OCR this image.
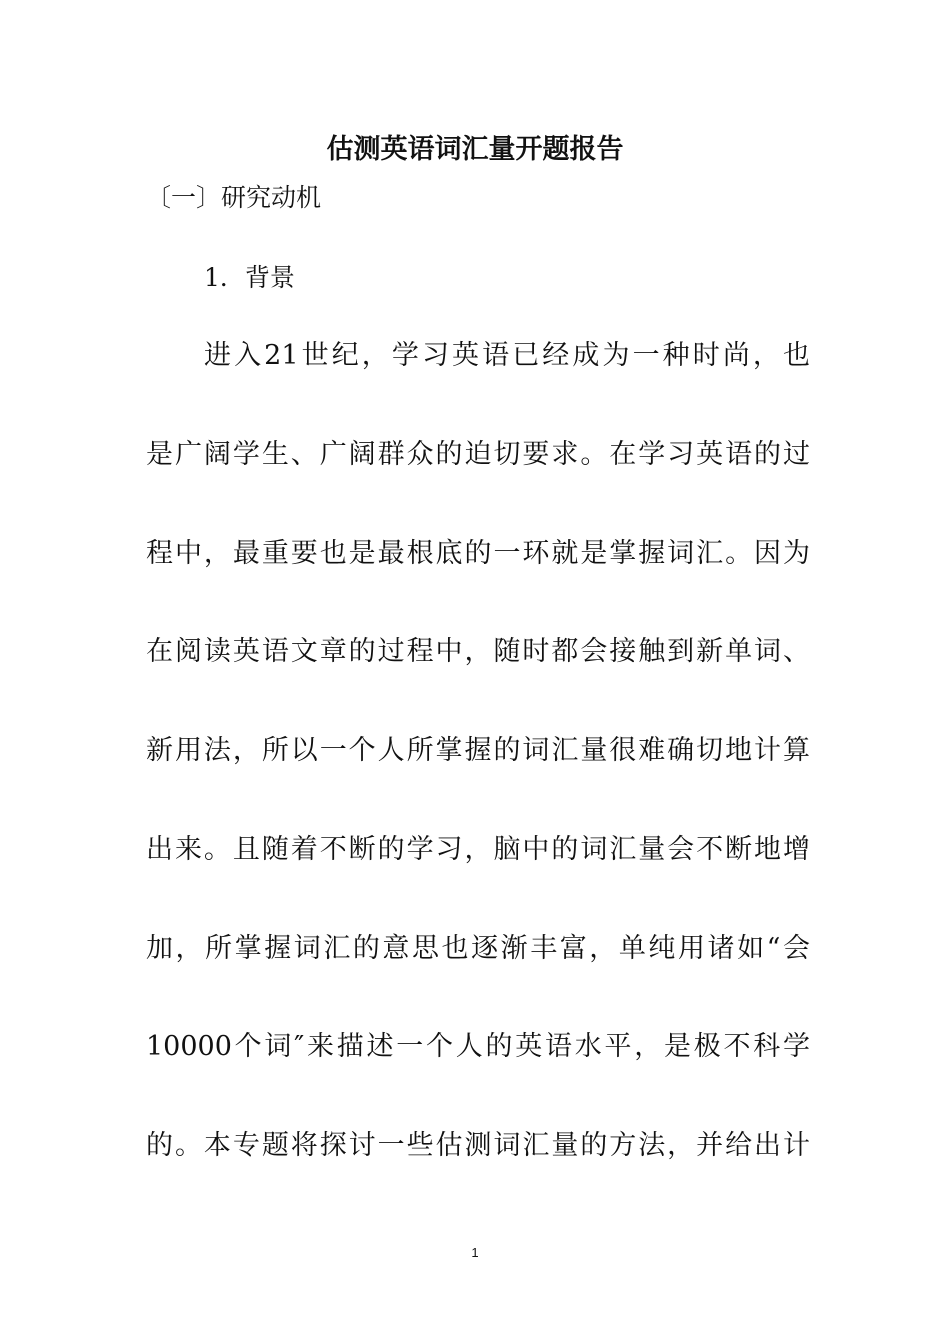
估测英语词汇量开题报告
〔一〕研究动机
1．背景
进入21世纪，学习英语已经成为一种时尚，也
是广阔学生、广阔群众的迫切要求。在学习英语的过
程中，最重要也是最根底的一环就是掌握词汇。因为
在阅读英语文章的过程中，随时都会接触到新单词、
新用法，所以一个人所掌握的词汇量很难确切地计算
出来。且随着不断的学习，脑中的词汇量会不断地增
加，所掌握词汇的意思也逐渐丰富，单纯用诸如“会
10000个词″来描述一个人的英语水平，是极不科学
的。本专题将探讨一些估测词汇量的方法，并给出计
1
